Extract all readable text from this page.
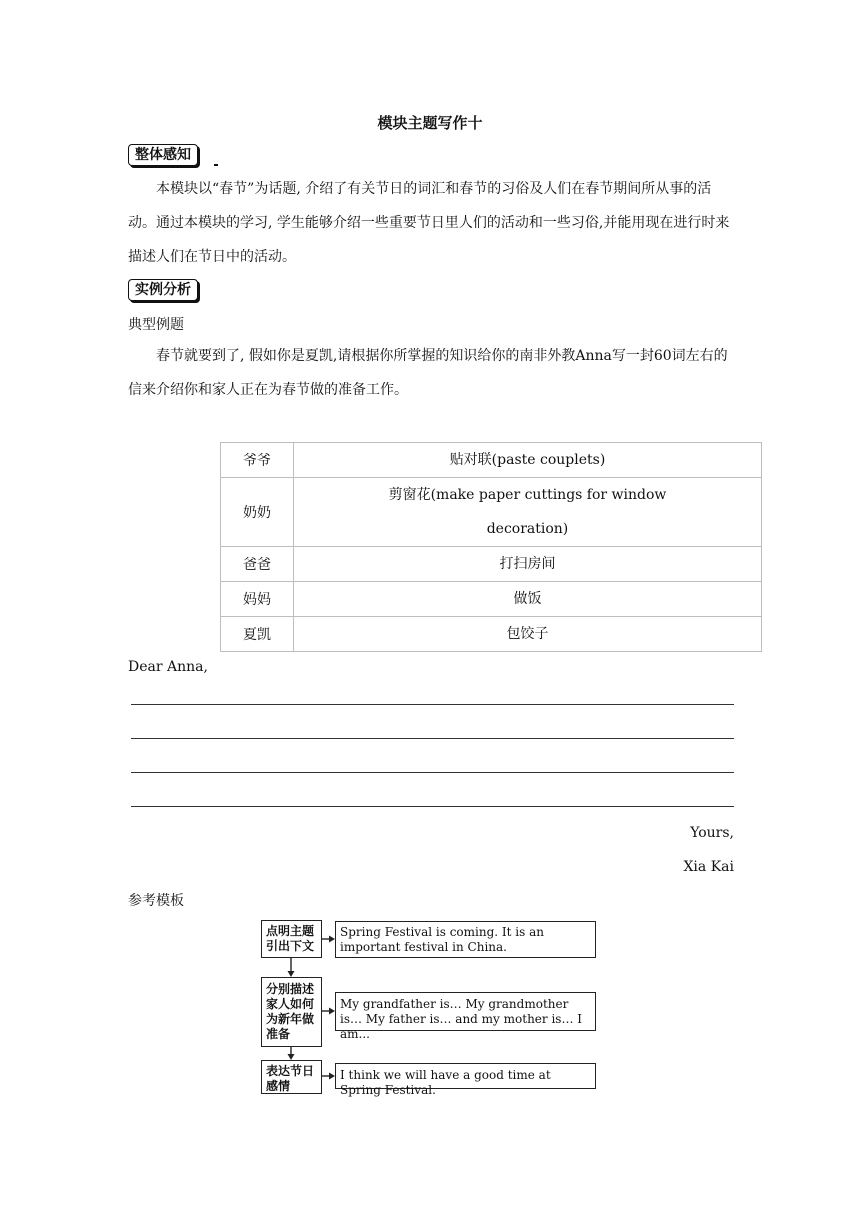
模块主题写作十
整体感知
本模块以“春节”为话题, 介绍了有关节日的词汇和春节的习俗及人们在春节期间所从事的活动。通过本模块的学习, 学生能够介绍一些重要节日里人们的活动和一些习俗,并能用现在进行时来描述人们在节日中的活动。
实例分析
典型例题
春节就要到了, 假如你是夏凯,请根据你所掌握的知识给你的南非外教Anna写一封60词左右的信来介绍你和家人正在为春节做的准备工作。
爷爷	贴对联(paste couplets)
奶奶	剪窗花(make paper cuttings for window decoration)
爸爸	打扫房间
妈妈	做饭
夏凯	包饺子
Dear Anna,
Yours,
Xia Kai
参考模板
点明主题引出下文
分别描述家人如何为新年做准备
表达节日感情
Spring Festival is coming. It is an important festival in China.
My grandfather is… My grandmother is… My father is… and my mother is… I am...
I think we will have a good time at Spring Festival.
